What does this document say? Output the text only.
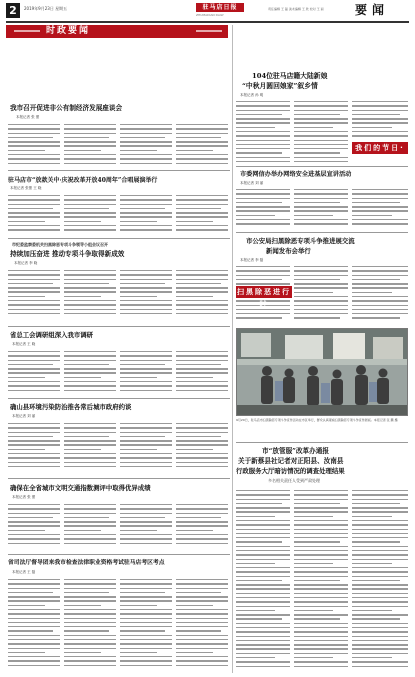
2	2019年9月23日 星期五	驻马店日报
ZHUMADIAN DAILY
责任编辑 王 磊 美术编辑 王 欣 校对 王 丽	要闻
时政要闻
我市召开促进非公有制经济发展座谈会
本报记者 张 蕾
驻马店市“放款关中·庆祝改革开放40周年”合唱展演举行
本报记者 张蕾 王 晓
市纪委监察委机关扫黑除恶专项斗争领导小组会议召开
持续加压奋进 推动专项斗争取得新成效
本报记者 李 晓
省总工会调研组深入我市调研
本报记者 王 晓
确山县环境污染防治推各常后城市政府约谈
本报记者 刘 丽
确保在全省城市文明交通指数测评中取得优异成绩
本报记者 张 蕾
省司法厅督导团来我市检查法律职业资格考试驻马店考区考点
本报记者 王 磊
104位驻马店籍大陆新娘
“中秋月圆回娘家”叙乡情
本报记者 孙 明
我们的节日·中秋
市委网信办举办网络安全进基层宣讲活动
本报记者 刘 丽
市公安局扫黑除恶专项斗争推进展交流
新闻发布会举行
本报记者 李 磊
扫黑除恶进行时
9月20日，驻马店市扫黑除恶专项斗争宣传活动在市区举行，群众认真观看扫黑除恶专项斗争宣传展板。本报记者 张 鹏 摄
市“放管服”改革办通报
关于新蔡县社记者对正阳县、汝南县
行政服务大厅暗访情况的调查处理结果
多名相关责任人受到严肃处理
